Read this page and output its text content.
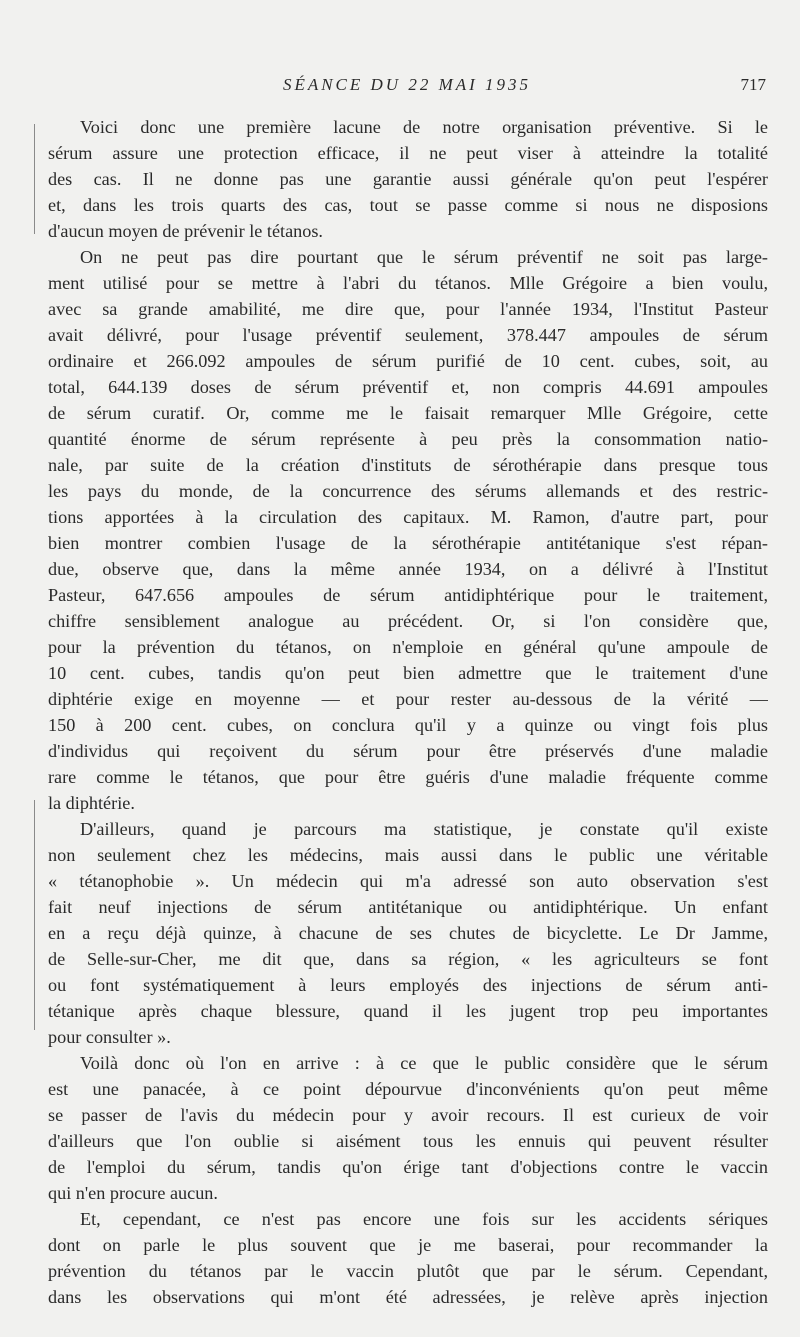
SÉANCE DU 22 MAI 1935	717
Voici donc une première lacune de notre organisation préventive. Si le
sérum assure une protection efficace, il ne peut viser à atteindre la totalité
des cas. Il ne donne pas une garantie aussi générale qu'on peut l'espérer
et, dans les trois quarts des cas, tout se passe comme si nous ne disposions
d'aucun moyen de prévenir le tétanos.
On ne peut pas dire pourtant que le sérum préventif ne soit pas large-
ment utilisé pour se mettre à l'abri du tétanos. Mlle Grégoire a bien voulu,
avec sa grande amabilité, me dire que, pour l'année 1934, l'Institut Pasteur
avait délivré, pour l'usage préventif seulement, 378.447 ampoules de sérum
ordinaire et 266.092 ampoules de sérum purifié de 10 cent. cubes, soit, au
total, 644.139 doses de sérum préventif et, non compris 44.691 ampoules
de sérum curatif. Or, comme me le faisait remarquer Mlle Grégoire, cette
quantité énorme de sérum représente à peu près la consommation natio-
nale, par suite de la création d'instituts de sérothérapie dans presque tous
les pays du monde, de la concurrence des sérums allemands et des restric-
tions apportées à la circulation des capitaux. M. Ramon, d'autre part, pour
bien montrer combien l'usage de la sérothérapie antitétanique s'est répan-
due, observe que, dans la même année 1934, on a délivré à l'Institut
Pasteur, 647.656 ampoules de sérum antidiphtérique pour le traitement,
chiffre sensiblement analogue au précédent. Or, si l'on considère que,
pour la prévention du tétanos, on n'emploie en général qu'une ampoule de
10 cent. cubes, tandis qu'on peut bien admettre que le traitement d'une
diphtérie exige en moyenne — et pour rester au-dessous de la vérité —
150 à 200 cent. cubes, on conclura qu'il y a quinze ou vingt fois plus
d'individus qui reçoivent du sérum pour être préservés d'une maladie
rare comme le tétanos, que pour être guéris d'une maladie fréquente comme
la diphtérie.
D'ailleurs, quand je parcours ma statistique, je constate qu'il existe
non seulement chez les médecins, mais aussi dans le public une véritable
« tétanophobie ». Un médecin qui m'a adressé son auto observation s'est
fait neuf injections de sérum antitétanique ou antidiphtérique. Un enfant
en a reçu déjà quinze, à chacune de ses chutes de bicyclette. Le Dr Jamme,
de Selle-sur-Cher, me dit que, dans sa région, « les agriculteurs se font
ou font systématiquement à leurs employés des injections de sérum anti-
tétanique après chaque blessure, quand il les jugent trop peu importantes
pour consulter ».
Voilà donc où l'on en arrive : à ce que le public considère que le sérum
est une panacée, à ce point dépourvue d'inconvénients qu'on peut même
se passer de l'avis du médecin pour y avoir recours. Il est curieux de voir
d'ailleurs que l'on oublie si aisément tous les ennuis qui peuvent résulter
de l'emploi du sérum, tandis qu'on érige tant d'objections contre le vaccin
qui n'en procure aucun.
Et, cependant, ce n'est pas encore une fois sur les accidents sériques
dont on parle le plus souvent que je me baserai, pour recommander la
prévention du tétanos par le vaccin plutôt que par le sérum. Cependant,
dans les observations qui m'ont été adressées, je relève après injection
